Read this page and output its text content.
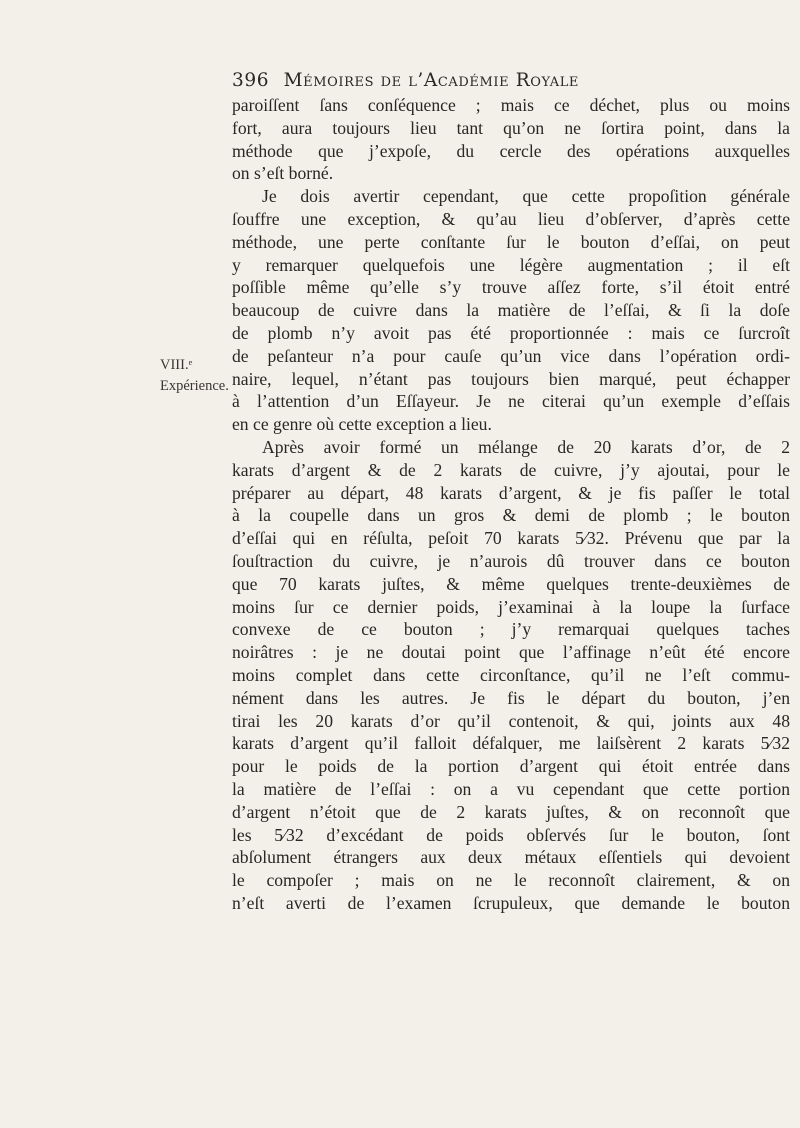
396 Mémoires de l’Académie Royale
VIII.ᵉ
Expérience.
paroiſſent ſans conſéquence ; mais ce déchet, plus ou moins
fort, aura toujours lieu tant qu’on ne ſortira point, dans la
méthode que j’expoſe, du cercle des opérations auxquelles
on s’eſt borné.
Je dois avertir cependant, que cette propoſition générale
ſouffre une exception, & qu’au lieu d’obſerver, d’après cette
méthode, une perte conſtante ſur le bouton d’eſſai, on peut
y remarquer quelquefois une légère augmentation ; il eſt
poſſible même qu’elle s’y trouve aſſez forte, s’il étoit entré
beaucoup de cuivre dans la matière de l’eſſai, & ſi la doſe
de plomb n’y avoit pas été proportionnée : mais ce ſurcroît
de peſanteur n’a pour cauſe qu’un vice dans l’opération ordi-
naire, lequel, n’étant pas toujours bien marqué, peut échapper
à l’attention d’un Eſſayeur. Je ne citerai qu’un exemple d’eſſais
en ce genre où cette exception a lieu.
Après avoir formé un mélange de 20 karats d’or, de 2
karats d’argent & de 2 karats de cuivre, j’y ajoutai, pour le
préparer au départ, 48 karats d’argent, & je fis paſſer le total
à la coupelle dans un gros & demi de plomb ; le bouton
d’eſſai qui en réſulta, peſoit 70 karats 5⁄32. Prévenu que par la
ſouſtraction du cuivre, je n’aurois dû trouver dans ce bouton
que 70 karats juſtes, & même quelques trente-deuxièmes de
moins ſur ce dernier poids, j’examinai à la loupe la ſurface
convexe de ce bouton ; j’y remarquai quelques taches
noirâtres : je ne doutai point que l’affinage n’eût été encore
moins complet dans cette circonſtance, qu’il ne l’eſt commu-
nément dans les autres. Je fis le départ du bouton, j’en
tirai les 20 karats d’or qu’il contenoit, & qui, joints aux 48
karats d’argent qu’il falloit défalquer, me laiſsèrent 2 karats 5⁄32
pour le poids de la portion d’argent qui étoit entrée dans
la matière de l’eſſai : on a vu cependant que cette portion
d’argent n’étoit que de 2 karats juſtes, & on reconnoît que
les 5⁄32 d’excédant de poids obſervés ſur le bouton, ſont
abſolument étrangers aux deux métaux eſſentiels qui devoient
le compoſer ; mais on ne le reconnoît clairement, & on
n’eſt averti de l’examen ſcrupuleux, que demande le bouton
